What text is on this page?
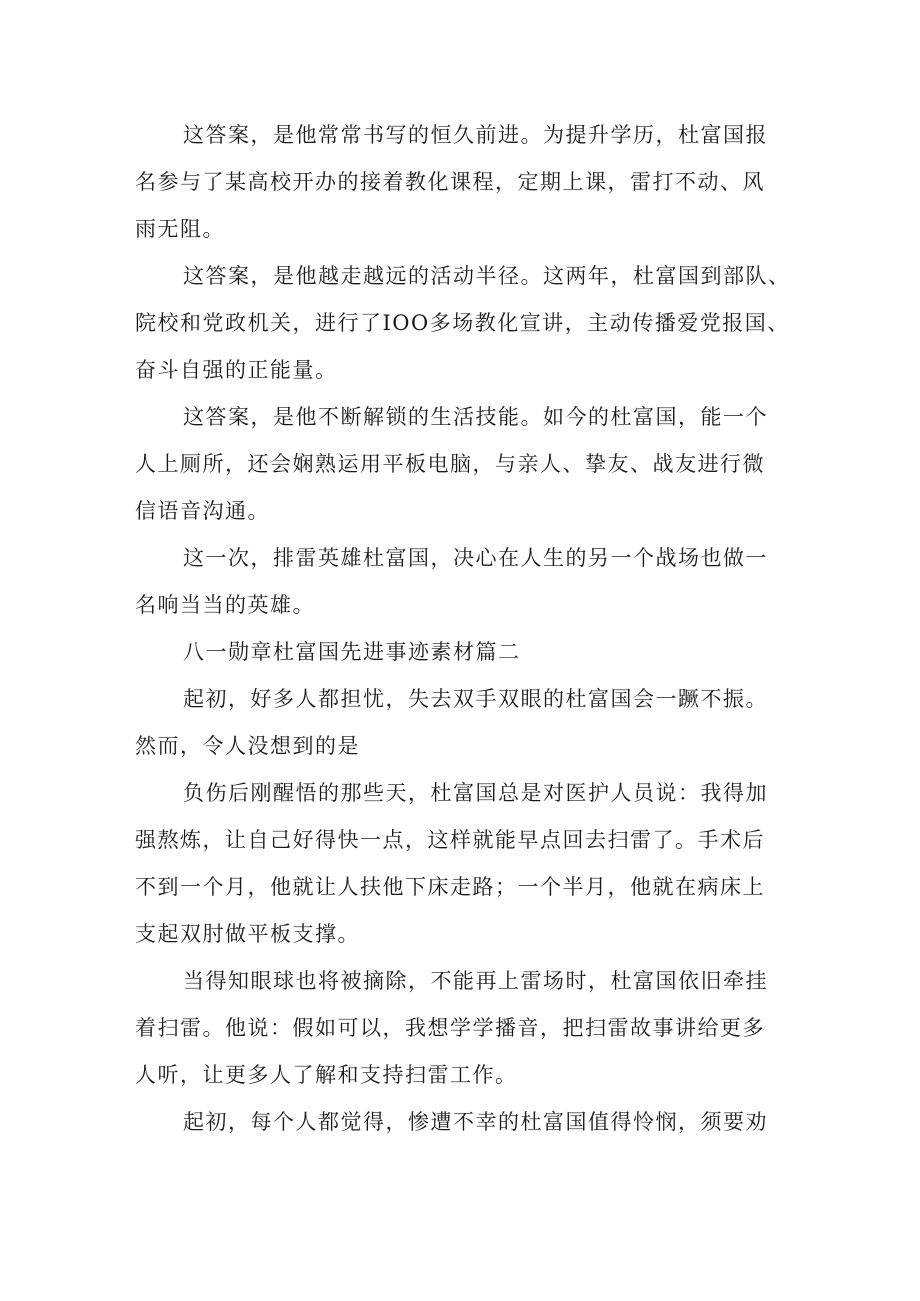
这答案，是他常常书写的恒久前进。为提升学历，杜富国报
名参与了某高校开办的接着教化课程，定期上课，雷打不动、风
雨无阻。
这答案，是他越走越远的活动半径。这两年，杜富国到部队、
院校和党政机关，进行了IOO多场教化宣讲，主动传播爱党报国、
奋斗自强的正能量。
这答案，是他不断解锁的生活技能。如今的杜富国，能一个
人上厕所，还会娴熟运用平板电脑，与亲人、挚友、战友进行微
信语音沟通。
这一次，排雷英雄杜富国，决心在人生的另一个战场也做一
名响当当的英雄。
八一勋章杜富国先进事迹素材篇二
起初，好多人都担忧，失去双手双眼的杜富国会一蹶不振。
然而，令人没想到的是
负伤后刚醒悟的那些天，杜富国总是对医护人员说：我得加
强熬炼，让自己好得快一点，这样就能早点回去扫雷了。手术后
不到一个月，他就让人扶他下床走路；一个半月，他就在病床上
支起双肘做平板支撑。
当得知眼球也将被摘除，不能再上雷场时，杜富国依旧牵挂
着扫雷。他说：假如可以，我想学学播音，把扫雷故事讲给更多
人听，让更多人了解和支持扫雷工作。
起初，每个人都觉得，惨遭不幸的杜富国值得怜悯，须要劝
